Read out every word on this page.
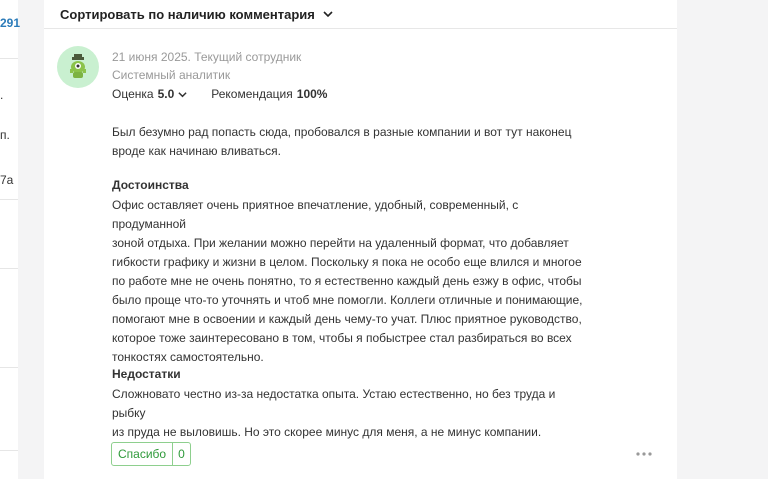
291
.
п.
7а
Сортировать по наличию комментария
21 июня 2025. Текущий сотрудник
Системный аналитик
Оценка 5.0	Рекомендация 100%
Был безумно рад попасть сюда, пробовался в разные компании и вот тут наконец
вроде как начинаю вливаться.
Достоинства
Офис оставляет очень приятное впечатление, удобный, современный, с продуманной
зоной отдыха. При желании можно перейти на удаленный формат, что добавляет
гибкости графику и жизни в целом. Поскольку я пока не особо еще влился и многое
по работе мне не очень понятно, то я естественно каждый день езжу в офис, чтобы
было проще что-то уточнять и чтоб мне помогли. Коллеги отличные и понимающие,
помогают мне в освоении и каждый день чему-то учат. Плюс приятное руководство,
которое тоже заинтересовано в том, чтобы я побыстрее стал разбираться во всех
тонкостях самостоятельно.
Недостатки
Сложновато честно из-за недостатка опыта. Устаю естественно, но без труда и рыбку
из пруда не выловишь. Но это скорее минус для меня, а не минус компании.
Спасибо	0
